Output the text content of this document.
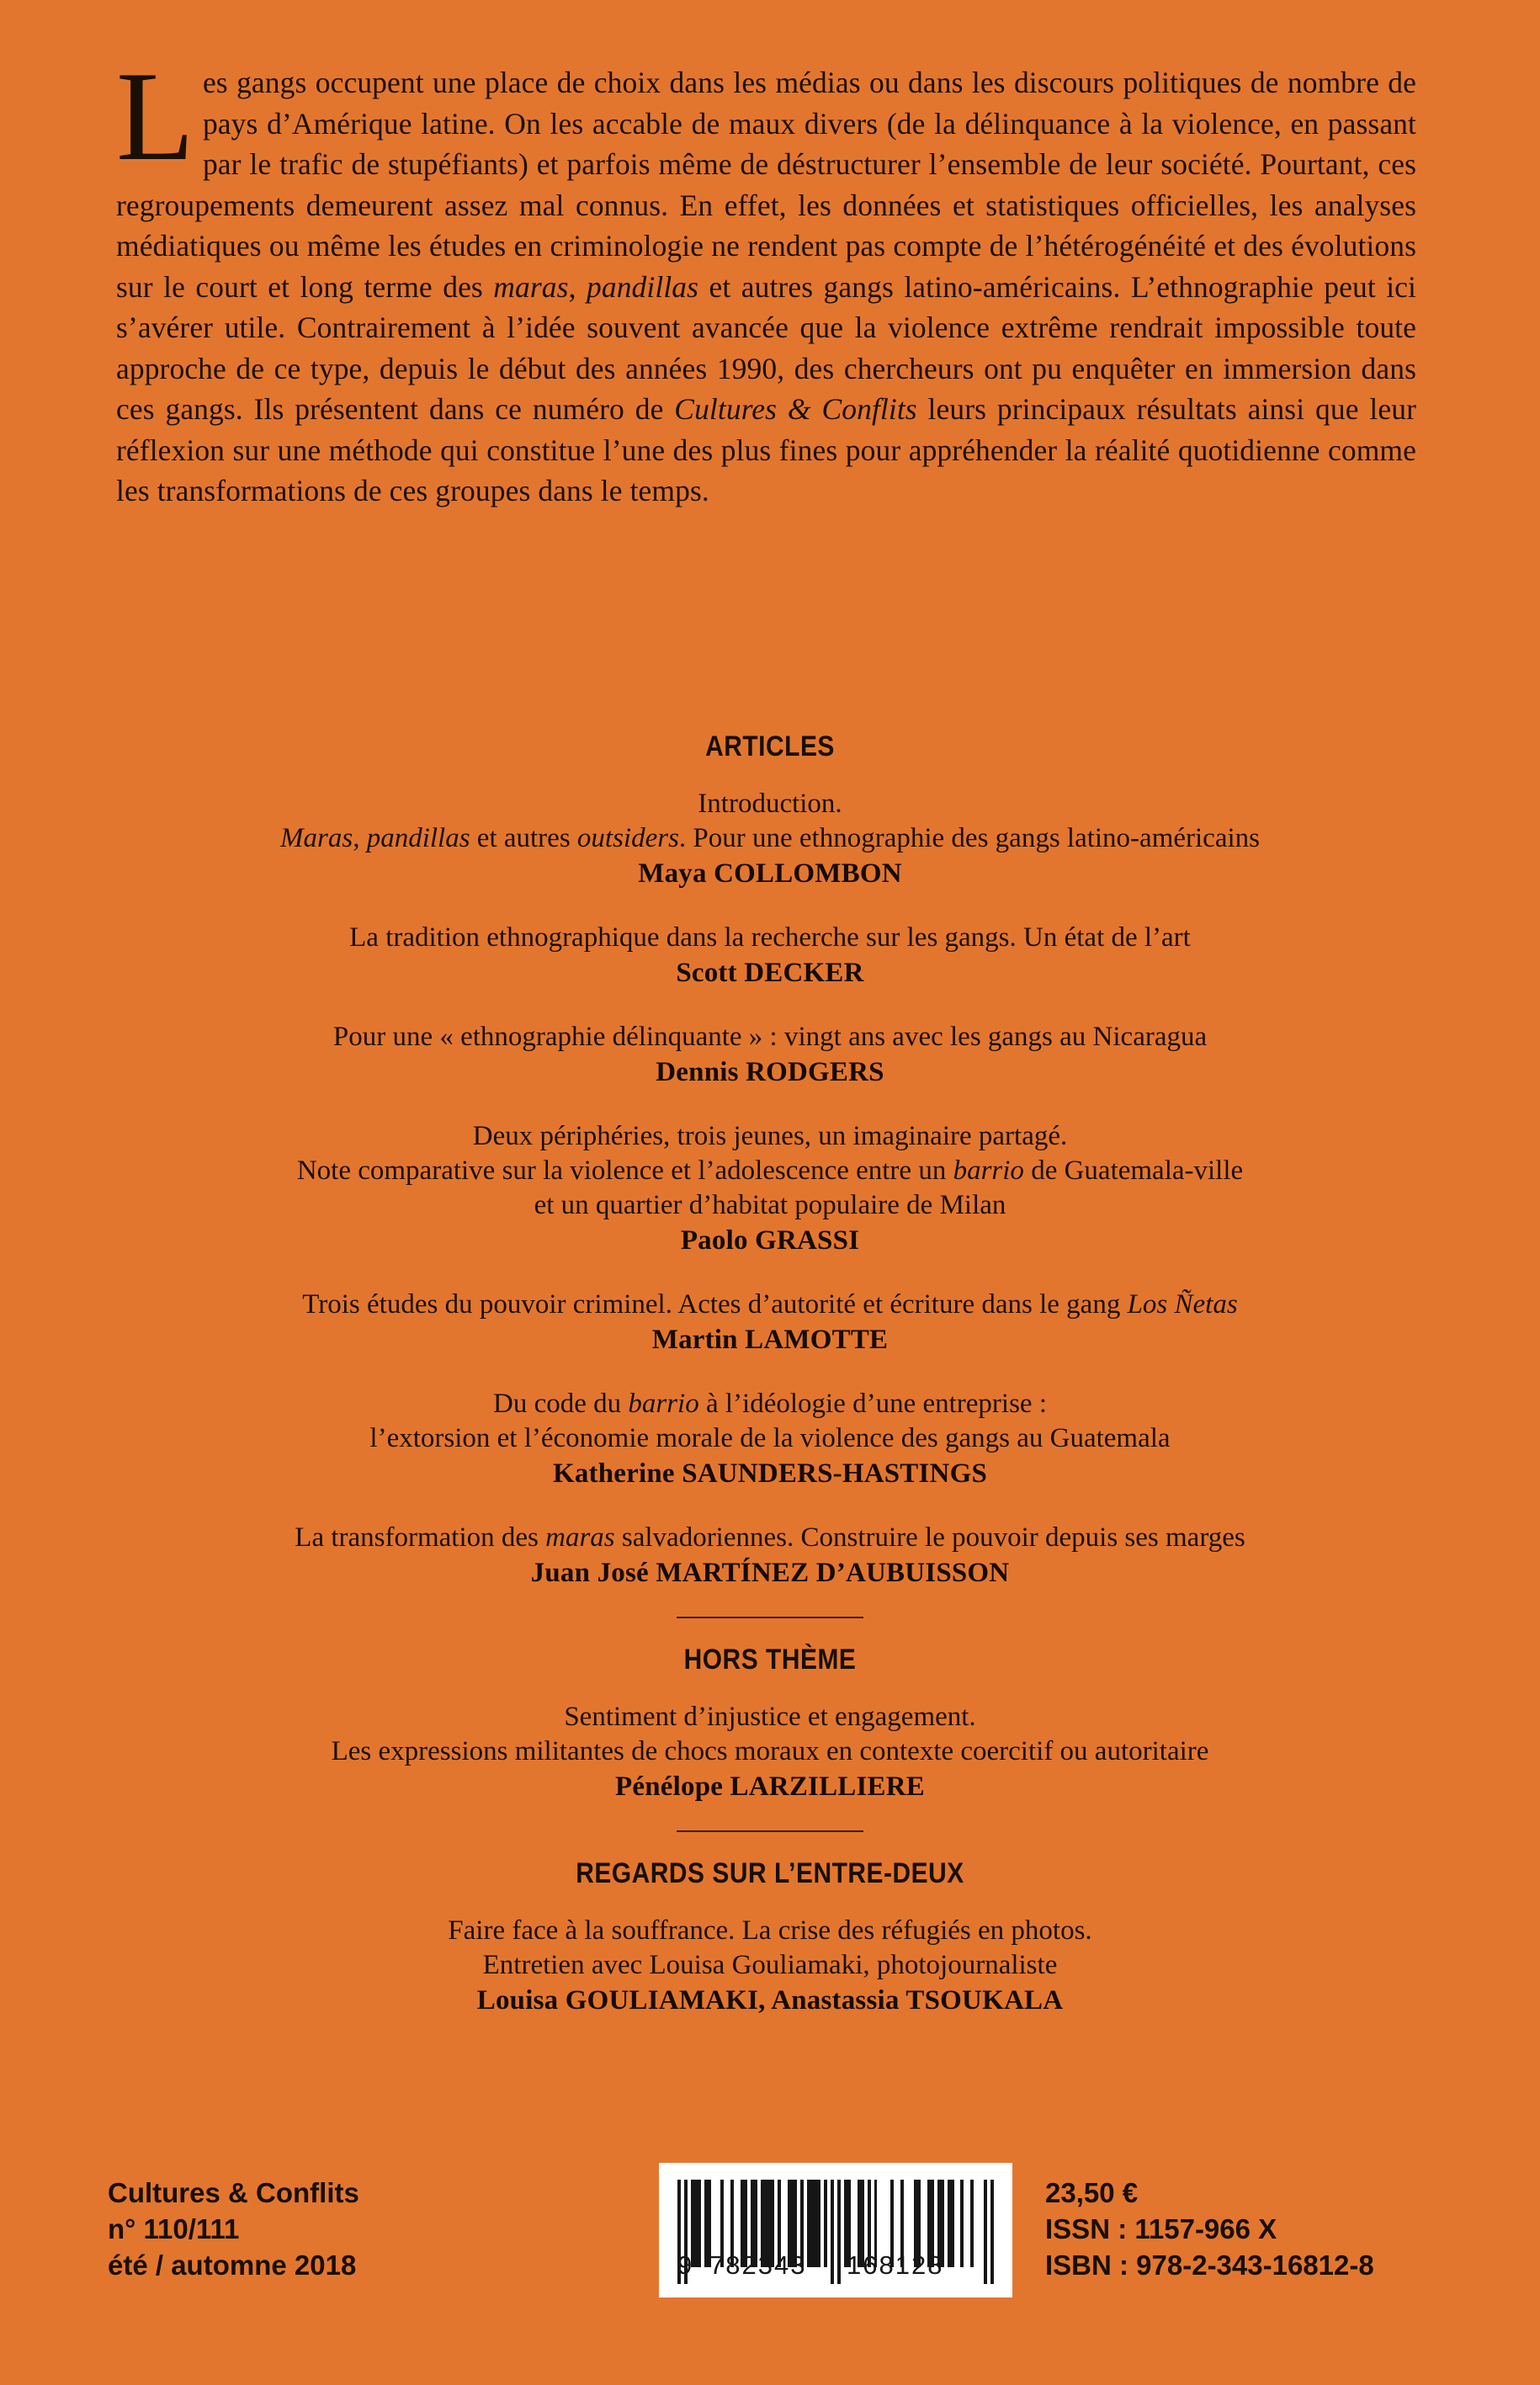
Les gangs occupent une place de choix dans les médias ou dans les discours politiques de nombre de pays d’Amérique latine. On les accable de maux divers (de la délinquance à la violence, en passant par le trafic de stupéfiants) et parfois même de déstructurer l’ensemble de leur société. Pourtant, ces regroupements demeurent assez mal connus. En effet, les données et statistiques officielles, les analyses médiatiques ou même les études en criminologie ne rendent pas compte de l’hétérogénéité et des évolutions sur le court et long terme des maras, pandillas et autres gangs latino-américains. L’ethnographie peut ici s’avérer utile. Contrairement à l’idée souvent avancée que la violence extrême rendrait impossible toute approche de ce type, depuis le début des années 1990, des chercheurs ont pu enquêter en immersion dans ces gangs. Ils présentent dans ce numéro de Cultures & Conflits leurs principaux résultats ainsi que leur réflexion sur une méthode qui constitue l’une des plus fines pour appréhender la réalité quotidienne comme les transformations de ces groupes dans le temps.
ARTICLES
Introduction.
Maras, pandillas et autres outsiders. Pour une ethnographie des gangs latino-américains
Maya COLLOMBON
La tradition ethnographique dans la recherche sur les gangs. Un état de l’art
Scott DECKER
Pour une « ethnographie délinquante » : vingt ans avec les gangs au Nicaragua
Dennis RODGERS
Deux périphéries, trois jeunes, un imaginaire partagé.
Note comparative sur la violence et l’adolescence entre un barrio de Guatemala-ville
et un quartier d’habitat populaire de Milan
Paolo GRASSI
Trois études du pouvoir criminel. Actes d’autorité et écriture dans le gang Los Ñetas
Martin LAMOTTE
Du code du barrio à l’idéologie d’une entreprise :
l’extorsion et l’économie morale de la violence des gangs au Guatemala
Katherine SAUNDERS-HASTINGS
La transformation des maras salvadoriennes. Construire le pouvoir depuis ses marges
Juan José MARTÍNEZ D’AUBUISSON
HORS THÈME
Sentiment d’injustice et engagement.
Les expressions militantes de chocs moraux en contexte coercitif ou autoritaire
Pénélope LARZILLIERE
REGARDS SUR L’ENTRE-DEUX
Faire face à la souffrance. La crise des réfugiés en photos.
Entretien avec Louisa Gouliamaki, photojournaliste
Louisa GOULIAMAKI, Anastassia TSOUKALA
Cultures & Conflits
n° 110/111
été / automne 2018	9 782343 168128
23,50 €
ISSN : 1157-966 X
ISBN : 978-2-343-16812-8
